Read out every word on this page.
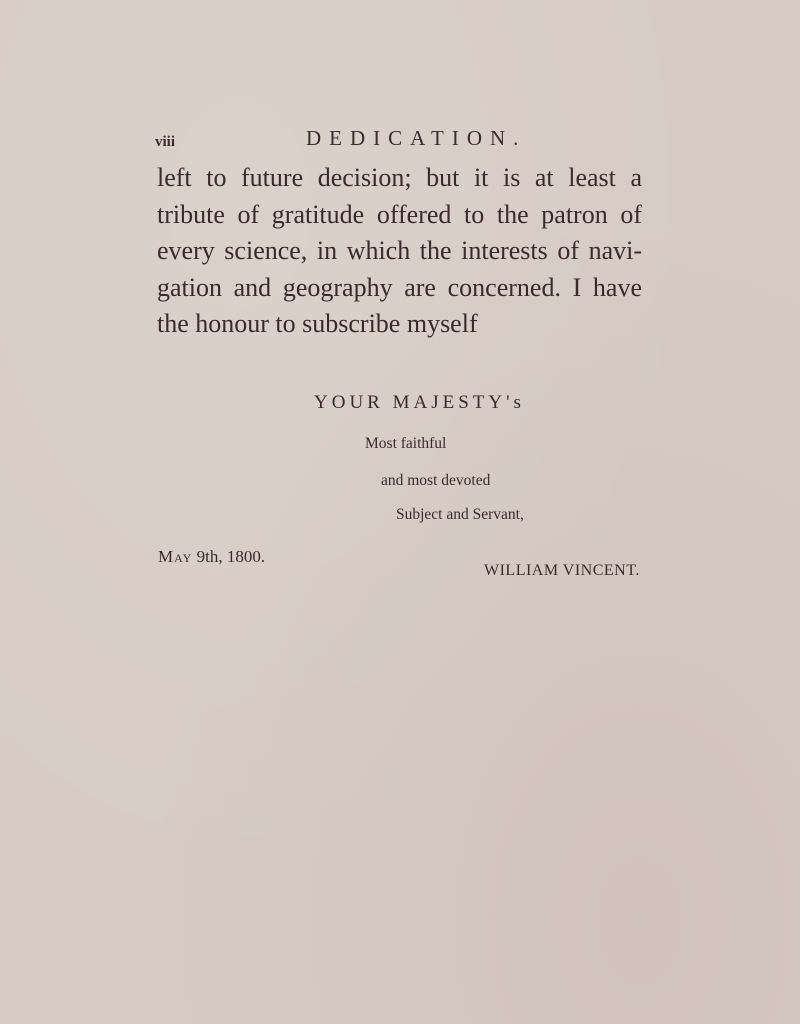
viii	DEDICATION.
left to future decision; but it is at least a
tribute of gratitude offered to the patron of
every science, in which the interests of navi-
gation and geography are concerned. I have
the honour to subscribe myself
YOUR MAJESTY's
Most faithful
and most devoted
Subject and Servant,
May 9th, 1800.
WILLIAM VINCENT.
